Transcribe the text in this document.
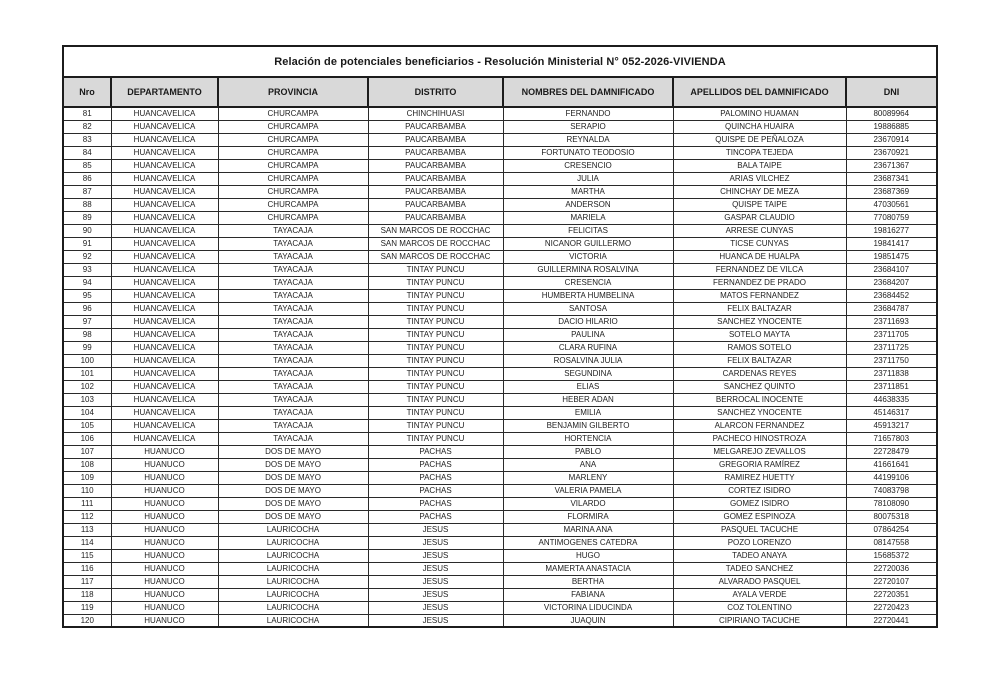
Relación de potenciales beneficiarios - Resolución Ministerial N° 052-2026-VIVIENDA						
Nro	DEPARTAMENTO	PROVINCIA	DISTRITO	NOMBRES DEL DAMNIFICADO	APELLIDOS DEL DAMNIFICADO	DNI
81	HUANCAVELICA	CHURCAMPA	CHINCHIHUASI	FERNANDO	PALOMINO HUAMAN	80089964
82	HUANCAVELICA	CHURCAMPA	PAUCARBAMBA	SERAPIO	QUINCHA HUAIRA	19886885
83	HUANCAVELICA	CHURCAMPA	PAUCARBAMBA	REYNALDA	QUISPE DE PEÑALOZA	23670914
84	HUANCAVELICA	CHURCAMPA	PAUCARBAMBA	FORTUNATO TEODOSIO	TINCOPA TEJEDA	23670921
85	HUANCAVELICA	CHURCAMPA	PAUCARBAMBA	CRESENCIO	BALA TAIPE	23671367
86	HUANCAVELICA	CHURCAMPA	PAUCARBAMBA	JULIA	ARIAS VILCHEZ	23687341
87	HUANCAVELICA	CHURCAMPA	PAUCARBAMBA	MARTHA	CHINCHAY DE MEZA	23687369
88	HUANCAVELICA	CHURCAMPA	PAUCARBAMBA	ANDERSON	QUISPE TAIPE	47030561
89	HUANCAVELICA	CHURCAMPA	PAUCARBAMBA	MARIELA	GASPAR CLAUDIO	77080759
90	HUANCAVELICA	TAYACAJA	SAN MARCOS DE ROCCHAC	FELICITAS	ARRESE CUNYAS	19816277
91	HUANCAVELICA	TAYACAJA	SAN MARCOS DE ROCCHAC	NICANOR GUILLERMO	TICSE CUNYAS	19841417
92	HUANCAVELICA	TAYACAJA	SAN MARCOS DE ROCCHAC	VICTORIA	HUANCA DE HUALPA	19851475
93	HUANCAVELICA	TAYACAJA	TINTAY PUNCU	GUILLERMINA ROSALVINA	FERNANDEZ DE VILCA	23684107
94	HUANCAVELICA	TAYACAJA	TINTAY PUNCU	CRESENCIA	FERNANDEZ DE PRADO	23684207
95	HUANCAVELICA	TAYACAJA	TINTAY PUNCU	HUMBERTA HUMBELINA	MATOS FERNANDEZ	23684452
96	HUANCAVELICA	TAYACAJA	TINTAY PUNCU	SANTOSA	FELIX BALTAZAR	23684787
97	HUANCAVELICA	TAYACAJA	TINTAY PUNCU	DACIO HILARIO	SANCHEZ YNOCENTE	23711693
98	HUANCAVELICA	TAYACAJA	TINTAY PUNCU	PAULINA	SOTELO MAYTA	23711705
99	HUANCAVELICA	TAYACAJA	TINTAY PUNCU	CLARA RUFINA	RAMOS SOTELO	23711725
100	HUANCAVELICA	TAYACAJA	TINTAY PUNCU	ROSALVINA JULIA	FELIX BALTAZAR	23711750
101	HUANCAVELICA	TAYACAJA	TINTAY PUNCU	SEGUNDINA	CARDENAS REYES	23711838
102	HUANCAVELICA	TAYACAJA	TINTAY PUNCU	ELIAS	SANCHEZ QUINTO	23711851
103	HUANCAVELICA	TAYACAJA	TINTAY PUNCU	HEBER ADAN	BERROCAL INOCENTE	44638335
104	HUANCAVELICA	TAYACAJA	TINTAY PUNCU	EMILIA	SANCHEZ YNOCENTE	45146317
105	HUANCAVELICA	TAYACAJA	TINTAY PUNCU	BENJAMIN GILBERTO	ALARCON FERNANDEZ	45913217
106	HUANCAVELICA	TAYACAJA	TINTAY PUNCU	HORTENCIA	PACHECO HINOSTROZA	71657803
107	HUANUCO	DOS DE MAYO	PACHAS	PABLO	MELGAREJO ZEVALLOS	22728479
108	HUANUCO	DOS DE MAYO	PACHAS	ANA	GREGORIA RAMÍREZ	41661641
109	HUANUCO	DOS DE MAYO	PACHAS	MARLENY	RAMIREZ HUETTY	44199106
110	HUANUCO	DOS DE MAYO	PACHAS	VALERIA PAMELA	CORTEZ ISIDRO	74083798
111	HUANUCO	DOS DE MAYO	PACHAS	VILARDO	GOMEZ ISIDRO	78108090
112	HUANUCO	DOS DE MAYO	PACHAS	FLORMIRA	GOMEZ ESPINOZA	80075318
113	HUANUCO	LAURICOCHA	JESUS	MARINA ANA	PASQUEL TACUCHE	07864254
114	HUANUCO	LAURICOCHA	JESUS	ANTIMOGENES CATEDRA	POZO LORENZO	08147558
115	HUANUCO	LAURICOCHA	JESUS	HUGO	TADEO ANAYA	15685372
116	HUANUCO	LAURICOCHA	JESUS	MAMERTA ANASTACIA	TADEO SANCHEZ	22720036
117	HUANUCO	LAURICOCHA	JESUS	BERTHA	ALVARADO PASQUEL	22720107
118	HUANUCO	LAURICOCHA	JESUS	FABIANA	AYALA VERDE	22720351
119	HUANUCO	LAURICOCHA	JESUS	VICTORINA LIDUCINDA	COZ TOLENTINO	22720423
120	HUANUCO	LAURICOCHA	JESUS	JUAQUIN	CIPIRIANO TACUCHE	22720441
